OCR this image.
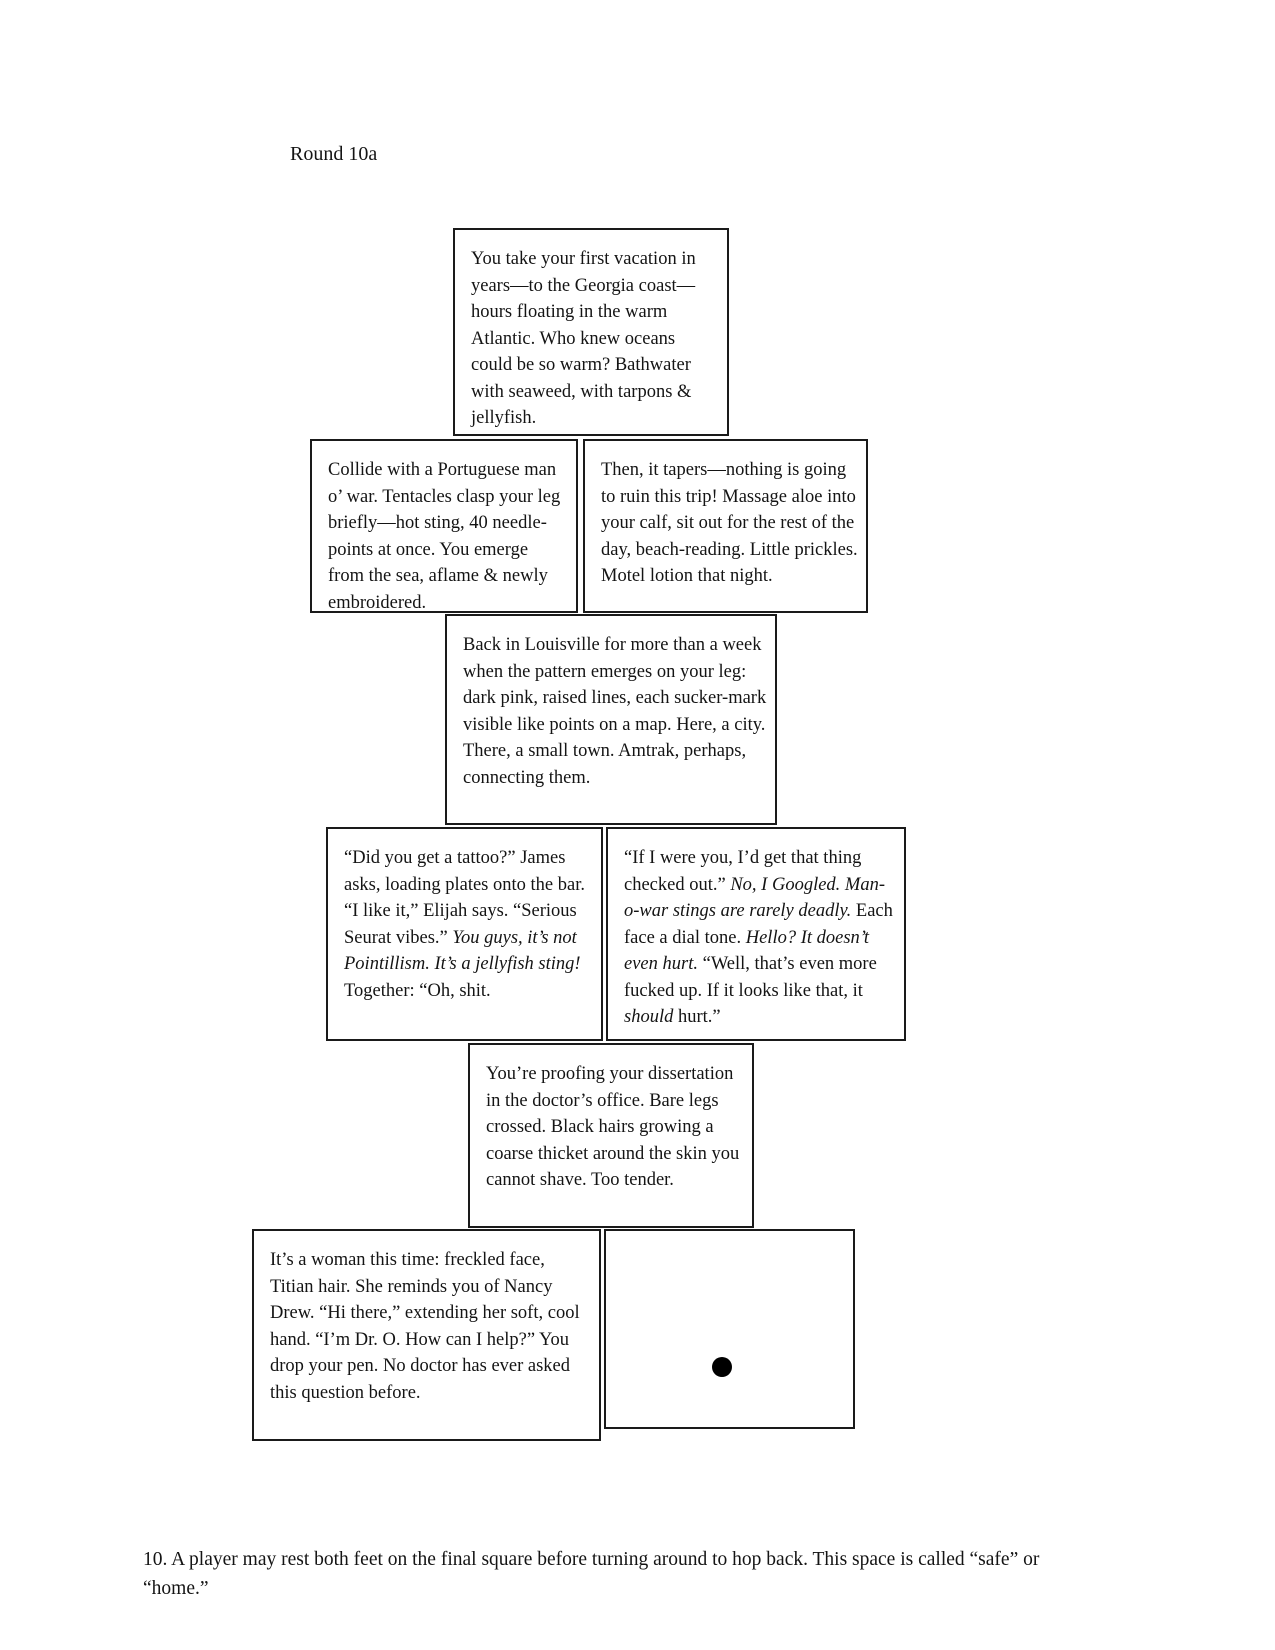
Round 10a
You take your first vacation in years—to the Georgia coast—hours floating in the warm Atlantic. Who knew oceans could be so warm? Bathwater with seaweed, with tarpons & jellyfish.
Collide with a Portuguese man o’ war. Tentacles clasp your leg briefly—hot sting, 40 needle-points at once. You emerge from the sea, aflame & newly embroidered.
Then, it tapers—nothing is going to ruin this trip! Massage aloe into your calf, sit out for the rest of the day, beach-reading. Little prickles. Motel lotion that night.
Back in Louisville for more than a week when the pattern emerges on your leg: dark pink, raised lines, each sucker-mark visible like points on a map. Here, a city. There, a small town. Amtrak, perhaps, connecting them.
“Did you get a tattoo?” James asks, loading plates onto the bar. “I like it,” Elijah says. “Serious Seurat vibes.” You guys, it’s not Pointillism. It’s a jellyfish sting! Together: “Oh, shit.
“If I were you, I’d get that thing checked out.” No, I Googled. Man-o-war stings are rarely deadly. Each face a dial tone. Hello? It doesn’t even hurt. “Well, that’s even more fucked up. If it looks like that, it should hurt.”
You’re proofing your dissertation in the doctor’s office. Bare legs crossed. Black hairs growing a coarse thicket around the skin you cannot shave. Too tender.
It’s a woman this time: freckled face, Titian hair. She reminds you of Nancy Drew. “Hi there,” extending her soft, cool hand. “I’m Dr. O. How can I help?” You drop your pen. No doctor has ever asked this question before.
10. A player may rest both feet on the final square before turning around to hop back. This space is called “safe” or “home.”
